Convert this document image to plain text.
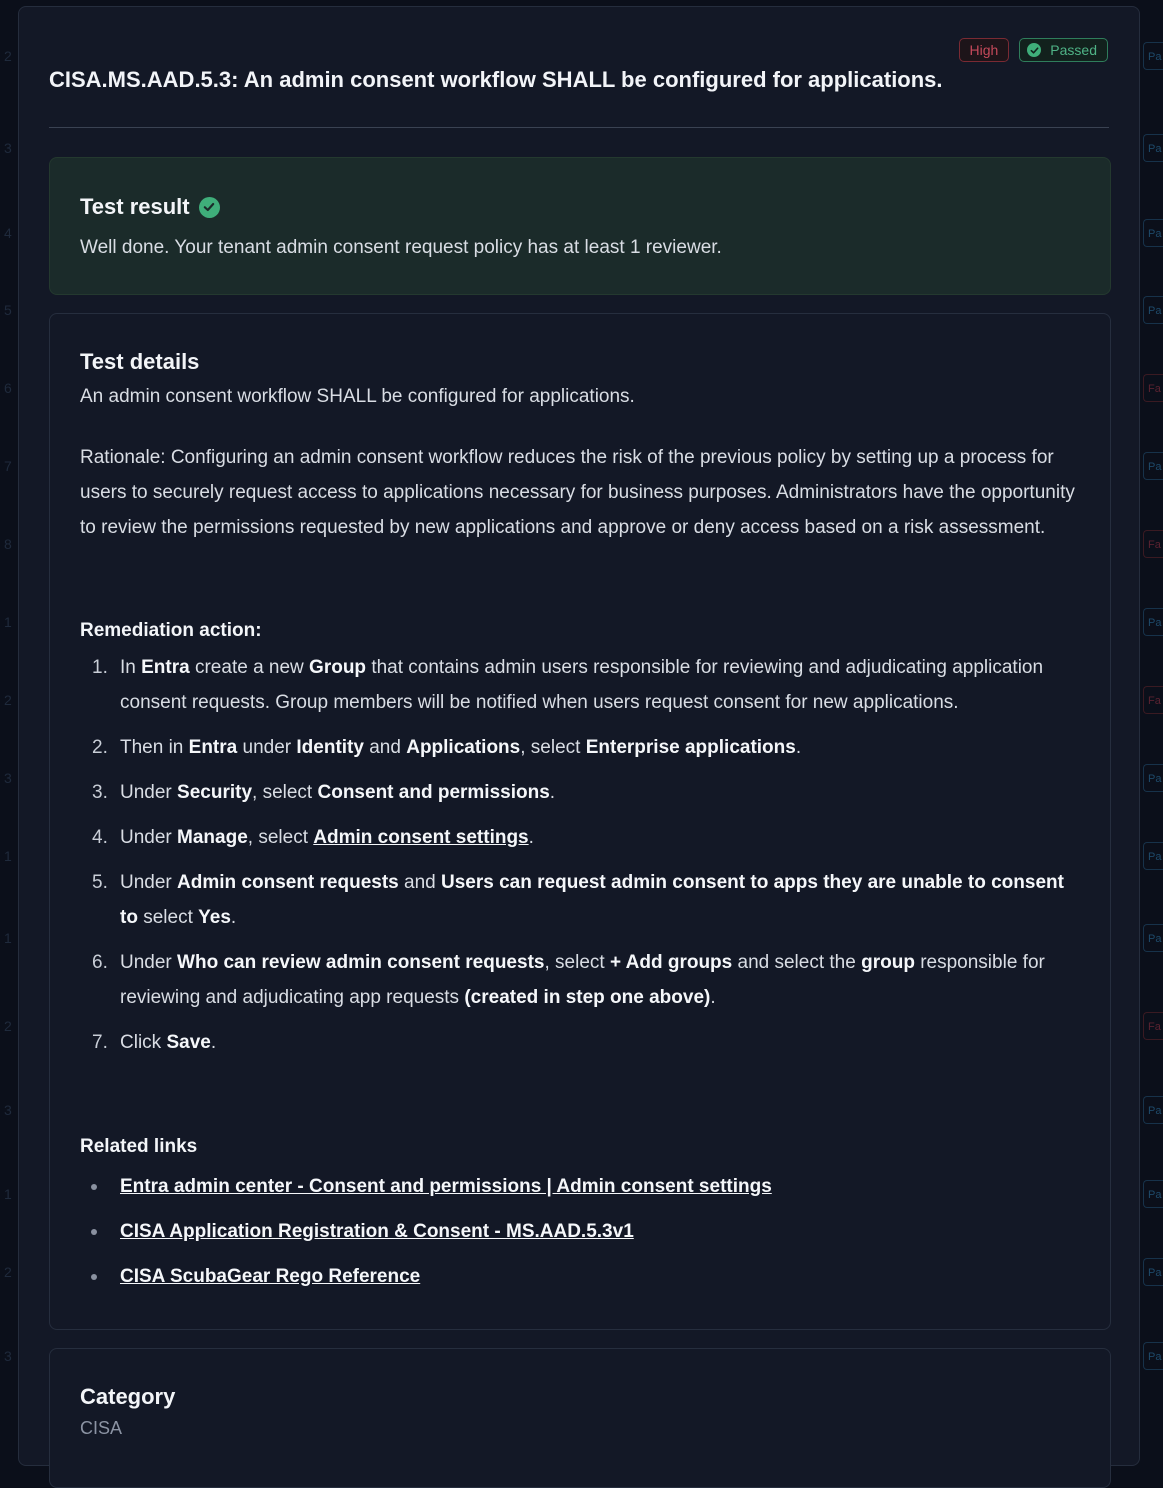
2
3
4
5
6
7
8
1
2
3
1
1
2
3
1
2
3
Pa
Pa
Pa
Pa
Fa
Pa
Fa
Pa
Fa
Pa
Pa
Pa
Fa
Pa
Pa
Pa
Pa
High	Passed
CISA.MS.AAD.5.3: An admin consent workflow SHALL be configured for applications.
Test result

Well done. Your tenant admin consent request policy has at least 1 reviewer.

Test details

An admin consent workflow SHALL be configured for applications.

Rationale: Configuring an admin consent workflow reduces the risk of the previous policy by setting up a process for users to securely request access to applications necessary for business purposes. Administrators have the opportunity to review the permissions requested by new applications and approve or deny access based on a risk assessment.

Remediation action:
1. In Entra create a new Group that contains admin users responsible for reviewing and adjudicating application consent requests. Group members will be notified when users request consent for new applications.
2. Then in Entra under Identity and Applications, select Enterprise applications.
3. Under Security, select Consent and permissions.
4. Under Manage, select Admin consent settings.
5. Under Admin consent requests and Users can request admin consent to apps they are unable to consent to select Yes.
6. Under Who can review admin consent requests, select + Add groups and select the group responsible for reviewing and adjudicating app requests (created in step one above).
7. Click Save.
Related links
Entra admin center - Consent and permissions | Admin consent settings
CISA Application Registration & Consent - MS.AAD.5.3v1
CISA ScubaGear Rego Reference
Category

CISA
